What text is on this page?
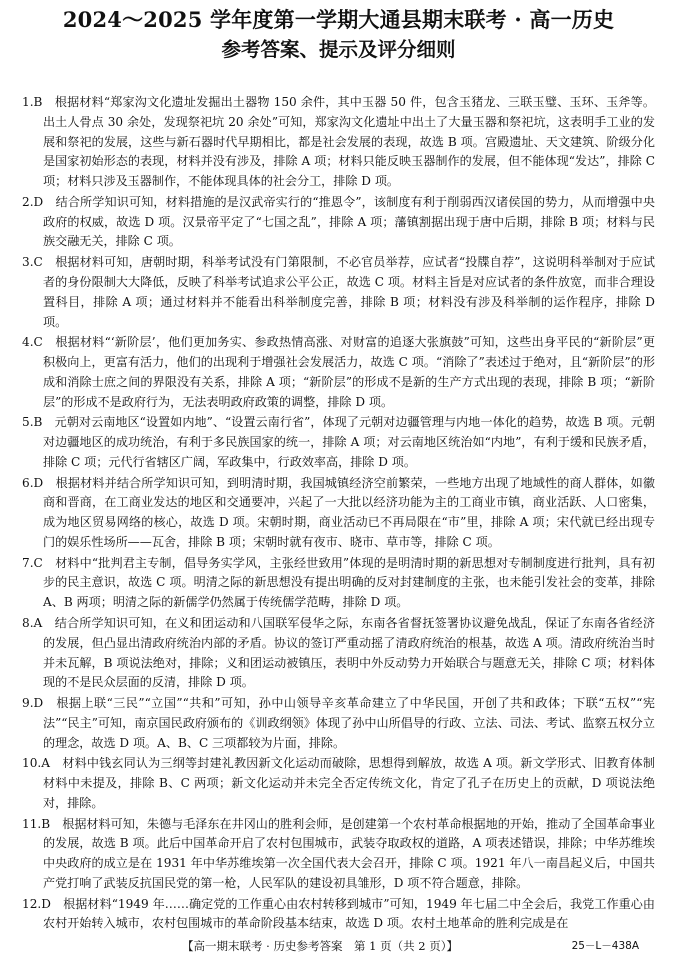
2024～2025 学年度第一学期大通县期末联考 · 高一历史
参考答案、提示及评分细则

1.B　 根据材料“郑家沟文化遗址发掘出土器物 150 余件，其中玉器 50 件，包含玉猪龙、三联玉璧、玉环、玉斧等。出土人骨点 30 余处，发现祭祀坑 20 余处”可知，郑家沟文化遗址中出土了大量玉器和祭祀坑，这表明手工业的发展和祭祀的发展，这些与新石器时代早期相比，都是社会发展的表现，故选 B 项。宫殿遗址、天文建筑、阶级分化是国家初始形态的表现，材料并没有涉及，排除 A 项；材料只能反映玉器制作的发展，但不能体现“发达”，排除 C 项；材料只涉及玉器制作，不能体现具体的社会分工，排除 D 项。

2.D　 结合所学知识可知，材料措施的是汉武帝实行的“推恩令”，该制度有利于削弱西汉诸侯国的势力，从而增强中央政府的权威，故选 D 项。汉景帝平定了“七国之乱”，排除 A 项；藩镇割据出现于唐中后期，排除 B 项；材料与民族交融无关，排除 C 项。

3.C　 根据材料可知，唐朝时期，科举考试没有门第限制，不必官员举荐，应试者“投牒自荐”，这说明科举制对于应试者的身份限制大大降低，反映了科举考试追求公平公正，故选 C 项。材料主旨是对应试者的条件放宽，而非合理设置科目，排除 A 项；通过材料并不能看出科举制度完善，排除 B 项；材料没有涉及科举制的运作程序，排除 D 项。

4.C　 根据材料“‘新阶层’，他们更加务实、参政热情高涨、对财富的追逐大张旗鼓”可知，这些出身平民的“新阶层”更积极向上，更富有活力，他们的出现利于增强社会发展活力，故选 C 项。“消除了”表述过于绝对，且“新阶层”的形成和消除士庶之间的界限没有关系，排除 A 项；“新阶层”的形成不是新的生产方式出现的表现，排除 B 项；“新阶层”的形成不是政府行为，无法表明政府政策的调整，排除 D 项。

5.B　 元朝对云南地区“设置如内地”、“设置云南行省”，体现了元朝对边疆管理与内地一体化的趋势，故选 B 项。元朝对边疆地区的成功统治，有利于多民族国家的统一，排除 A 项；对云南地区统治如“内地”，有利于缓和民族矛盾，排除 C 项；元代行省辖区广阔，军政集中，行政效率高，排除 D 项。

6.D　 根据材料并结合所学知识可知，到明清时期，我国城镇经济空前繁荣，一些地方出现了地域性的商人群体，如徽商和晋商，在工商业发达的地区和交通要冲，兴起了一大批以经济功能为主的工商业市镇，商业活跃、人口密集，成为地区贸易网络的核心，故选 D 项。宋朝时期，商业活动已不再局限在“市”里，排除 A 项；宋代就已经出现专门的娱乐性场所——瓦舍，排除 B 项；宋朝时就有夜市、晓市、草市等，排除 C 项。

7.C　 材料中“批判君主专制，倡导务实学风，主张经世致用”体现的是明清时期的新思想对专制制度进行批判，具有初步的民主意识，故选 C 项。明清之际的新思想没有提出明确的反对封建制度的主张，也未能引发社会的变革，排除 A、B 两项；明清之际的新儒学仍然属于传统儒学范畴，排除 D 项。

8.A　 结合所学知识可知，在义和团运动和八国联军侵华之际，东南各省督抚签署协议避免战乱，保证了东南各省经济的发展，但凸显出清政府统治内部的矛盾。协议的签订严重动摇了清政府统治的根基，故选 A 项。清政府统治当时并未瓦解，B 项说法绝对，排除；义和团运动被镇压，表明中外反动势力开始联合与题意无关，排除 C 项；材料体现的不是民众层面的反清，排除 D 项。

9.D　 根据上联“三民”“立国”“共和”可知，孙中山领导辛亥革命建立了中华民国，开创了共和政体；下联“五权”“宪法”“民主”可知，南京国民政府颁布的《训政纲领》体现了孙中山所倡导的行政、立法、司法、考试、监察五权分立的理念，故选 D 项。A、B、C 三项都较为片面，排除。

10.A　 材料中钱玄同认为三纲等封建礼教因新文化运动而破除，思想得到解放，故选 A 项。新文学形式、旧教育体制材料中未提及，排除 B、C 两项；新文化运动并未完全否定传统文化，肯定了孔子在历史上的贡献，D 项说法绝对，排除。

11.B　 根据材料可知，朱德与毛泽东在井冈山的胜利会师，是创建第一个农村革命根据地的开始，推动了全国革命事业的发展，故选 B 项。此后中国革命开启了农村包围城市，武装夺取政权的道路，A 项表述错误，排除；中华苏维埃中央政府的成立是在 1931 年中华苏维埃第一次全国代表大会召开，排除 C 项。1921 年八一南昌起义后，中国共产党打响了武装反抗国民党的第一枪，人民军队的建设初具雏形，D 项不符合题意，排除。

12.D　 根据材料“1949 年……确定党的工作重心由农村转移到城市”可知，1949 年七届二中全会后，我党工作重心由农村开始转入城市，农村包围城市的革命阶段基本结束，故选 D 项。农村土地革命的胜利完成是在

【高一期末联考 · 历史参考答案　第 1 页（共 2 页）】	25－L－438A
